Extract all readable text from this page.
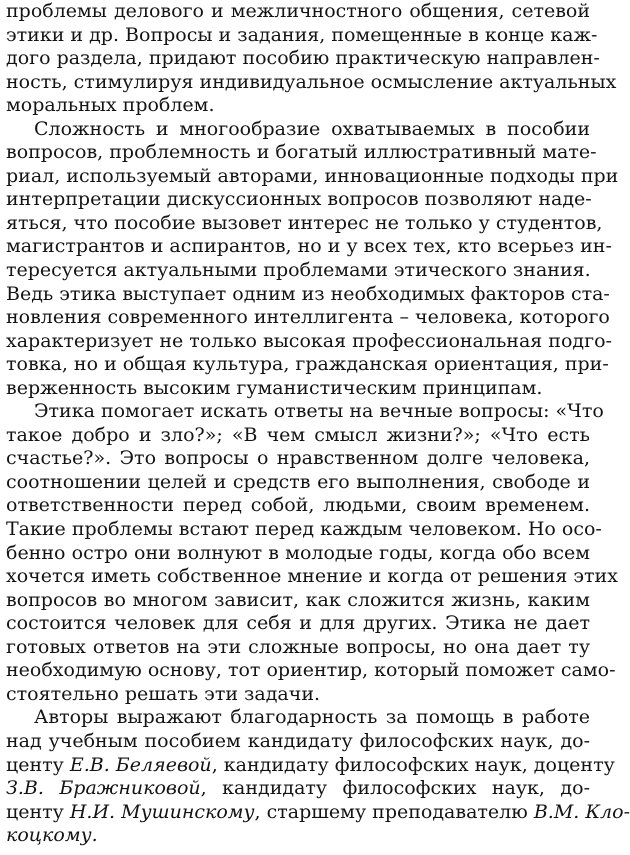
проблемы делового и межличностного общения, сетевой
этики и др. Вопросы и задания, помещенные в конце каж-
дого раздела, придают пособию практическую направлен-
ность, стимулируя индивидуальное осмысление актуальных
моральных проблем.
Сложность и многообразие охватываемых в пособии
вопросов, проблемность и богатый иллюстративный мате-
риал, используемый авторами, инновационные подходы при
интерпретации дискуссионных вопросов позволяют наде-
яться, что пособие вызовет интерес не только у студентов,
магистрантов и аспирантов, но и у всех тех, кто всерьез ин-
тересуется актуальными проблемами этического знания.
Ведь этика выступает одним из необходимых факторов ста-
новления современного интеллигента – человека, которого
характеризует не только высокая профессиональная подго-
товка, но и общая культура, гражданская ориентация, при-
верженность высоким гуманистическим принципам.
Этика помогает искать ответы на вечные вопросы: «Что
такое добро и зло?»; «В чем смысл жизни?»; «Что есть
счастье?». Это вопросы о нравственном долге человека,
соотношении целей и средств его выполнения, свободе и
ответственности перед собой, людьми, своим временем.
Такие проблемы встают перед каждым человеком. Но осо-
бенно остро они волнуют в молодые годы, когда обо всем
хочется иметь собственное мнение и когда от решения этих
вопросов во многом зависит, как сложится жизнь, каким
состоится человек для себя и для других. Этика не дает
готовых ответов на эти сложные вопросы, но она дает ту
необходимую основу, тот ориентир, который поможет само-
стоятельно решать эти задачи.
Авторы выражают благодарность за помощь в работе
над учебным пособием кандидату философских наук, до-
центу Е.В. Беляевой, кандидату философских наук, доценту
З.В. Бражниковой, кандидату философских наук, до-
центу Н.И. Мушинскому, старшему преподавателю В.М. Кло-
коцкому.
